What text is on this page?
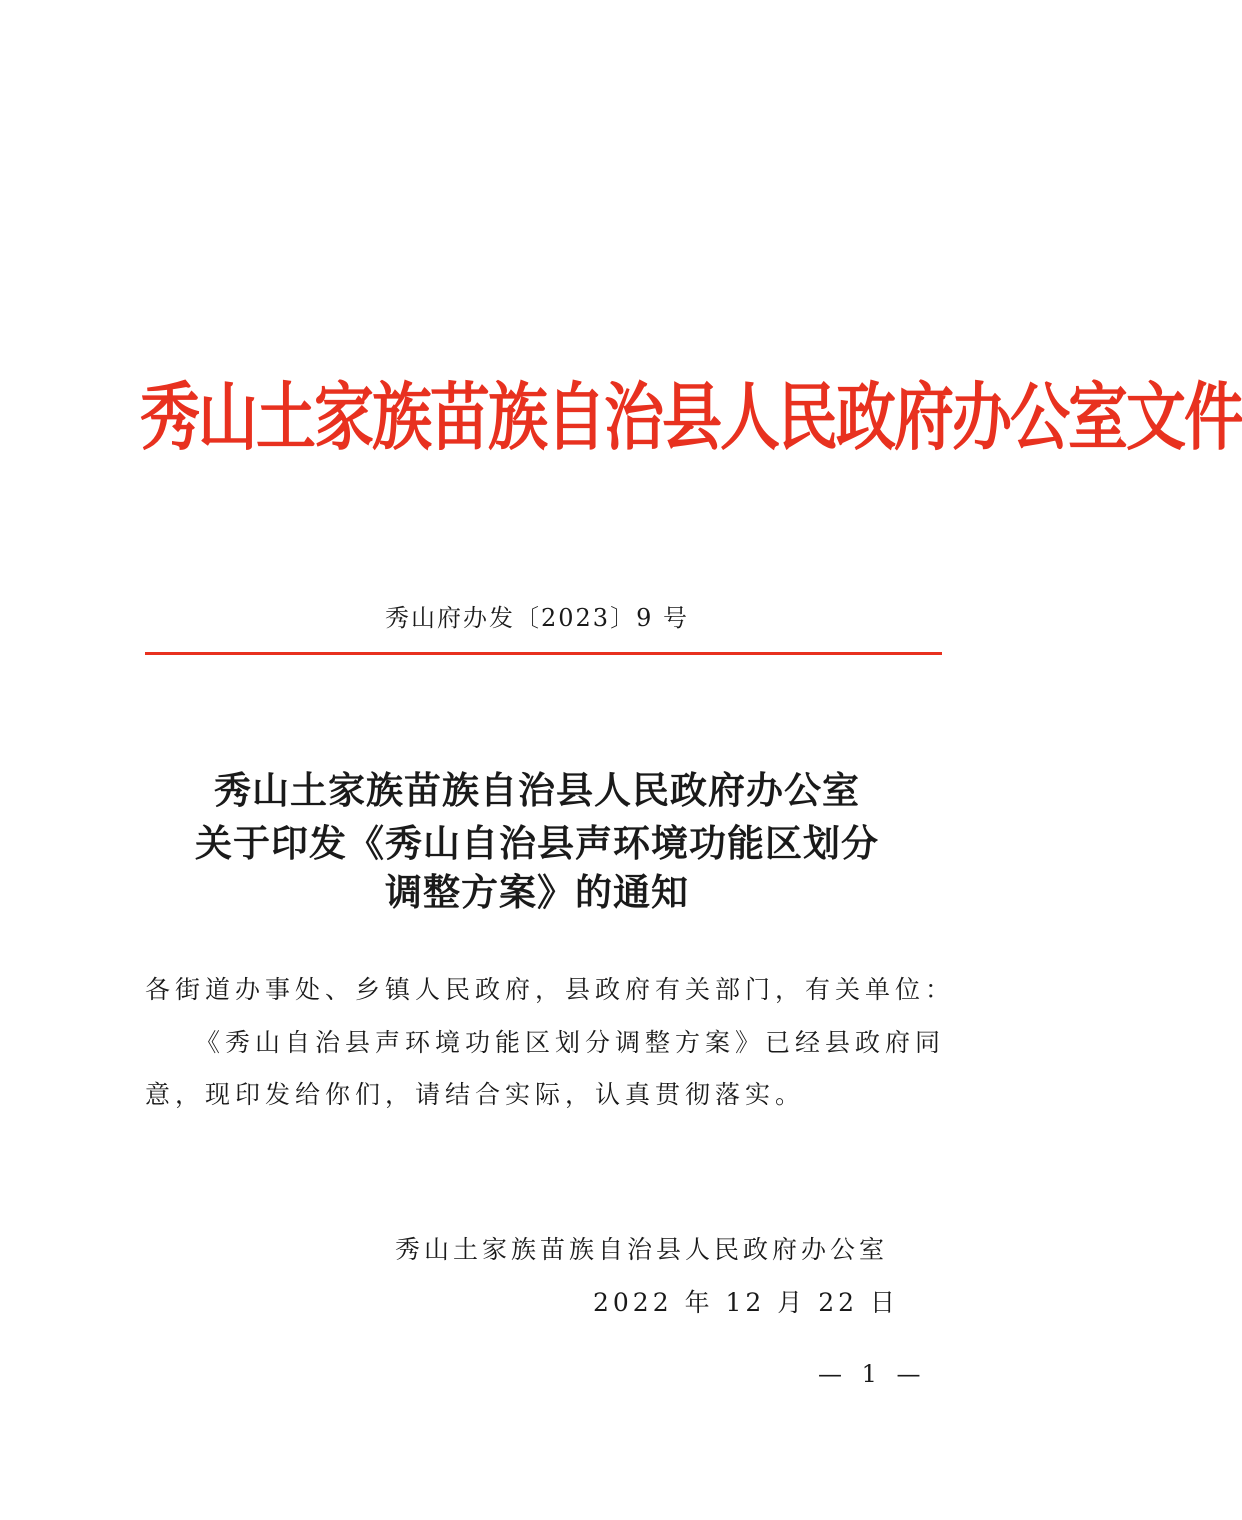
秀山土家族苗族自治县人民政府办公室文件
秀山府办发〔2023〕9 号
秀山土家族苗族自治县人民政府办公室
关于印发《秀山自治县声环境功能区划分
调整方案》的通知
各街道办事处、乡镇人民政府，县政府有关部门，有关单位：
《秀山自治县声环境功能区划分调整方案》已经县政府同
意，现印发给你们，请结合实际，认真贯彻落实。
秀山土家族苗族自治县人民政府办公室
2022 年 12 月 22 日
— 1 —
